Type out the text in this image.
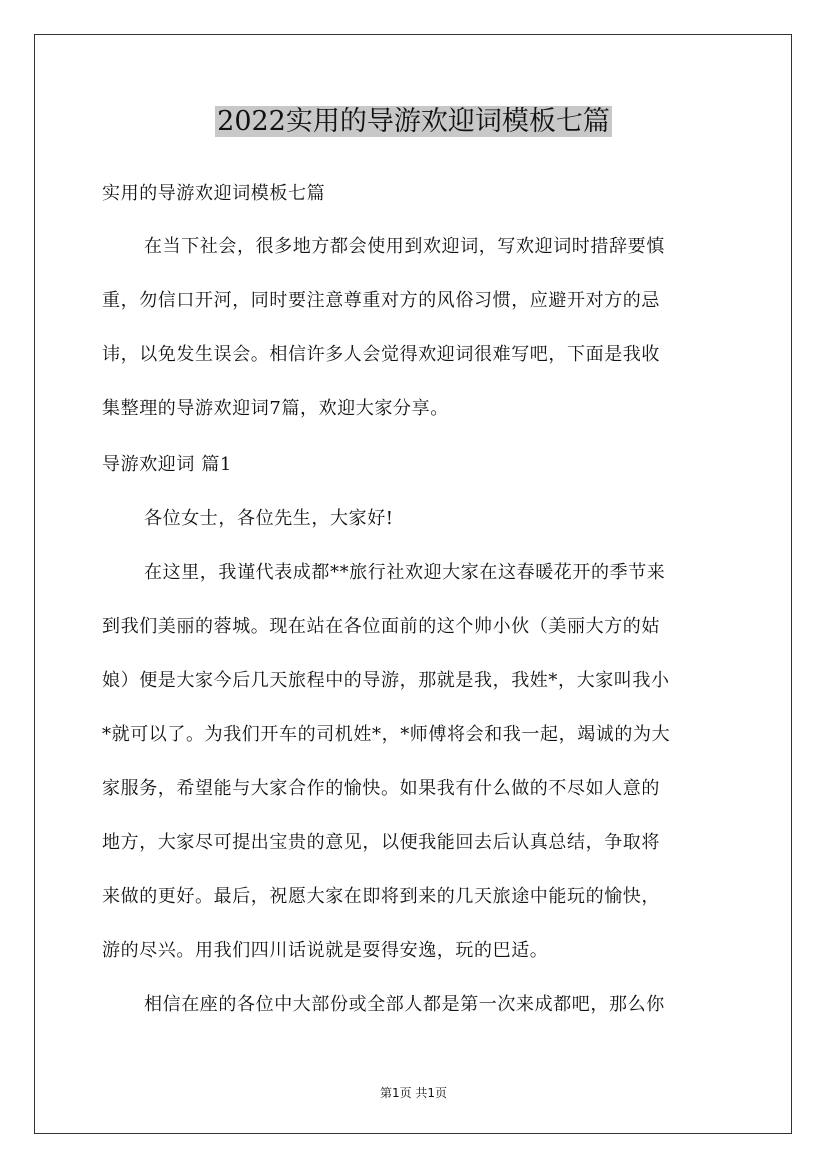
2022实用的导游欢迎词模板七篇
实用的导游欢迎词模板七篇
在当下社会，很多地方都会使用到欢迎词，写欢迎词时措辞要慎
重，勿信口开河，同时要注意尊重对方的风俗习惯，应避开对方的忌
讳，以免发生误会。相信许多人会觉得欢迎词很难写吧，下面是我收
集整理的导游欢迎词7篇，欢迎大家分享。
导游欢迎词 篇1
各位女士，各位先生，大家好!
在这里，我谨代表成都**旅行社欢迎大家在这春暖花开的季节来
到我们美丽的蓉城。现在站在各位面前的这个帅小伙（美丽大方的姑
娘）便是大家今后几天旅程中的导游，那就是我，我姓*，大家叫我小
*就可以了。为我们开车的司机姓*，*师傅将会和我一起，竭诚的为大
家服务，希望能与大家合作的愉快。如果我有什么做的不尽如人意的
地方，大家尽可提出宝贵的意见，以便我能回去后认真总结，争取将
来做的更好。最后，祝愿大家在即将到来的几天旅途中能玩的愉快，
游的尽兴。用我们四川话说就是耍得安逸，玩的巴适。
相信在座的各位中大部份或全部人都是第一次来成都吧，那么你
第1页 共1页
